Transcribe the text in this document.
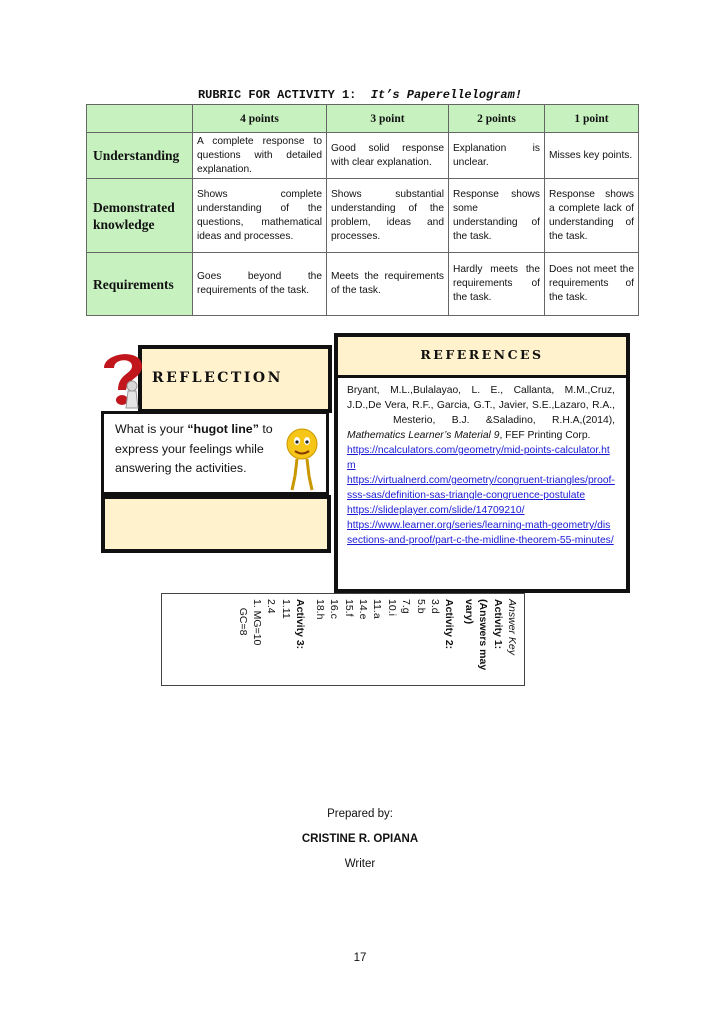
RUBRIC FOR ACTIVITY 1: It’s Paperellelogram!
	4 points	3 point	2 points	1 point
Understanding	A complete response to questions with detailed explanation.	Good solid response with clear explanation.	Explanation is unclear.	Misses key points.
Demonstrated knowledge	Shows complete understanding of the questions, mathematical ideas and processes.	Shows substantial understanding of the problem, ideas and processes.	Response shows some understanding of the task.	Response shows a complete lack of understanding of the task.
Requirements	Goes beyond the requirements of the task.	Meets the requirements of the task.	Hardly meets the requirements of the task.	Does not meet the requirements of the task.
REFLECTION
What is your “hugot line” to express your feelings while answering the activities.
REFERENCES
Bryant, M.L.,Bulalayao, L. E., Callanta, M.M.,Cruz,
J.D.,De Vera, R.F., Garcia, G.T., Javier, S.E.,Lazaro, R.A.,
Mesterio, B.J. &Saladino, R.H.A,(2014),
Mathematics Learner’s Material 9, FEF Printing Corp.
https://ncalculators.com/geometry/mid-points-calculator.htm
https://virtualnerd.com/geometry/congruent-triangles/proof-sss-sas/definition-sas-triangle-congruence-postulate
https://slideplayer.com/slide/14709210/
https://www.learner.org/series/learning-math-geometry/dissections-and-proof/part-c-the-midline-theorem-55-minutes/
Answer Key
Activity 1:
(Answers may
vary)
Activity 2:
3.d
5.b
7.g
10.i
11.a
14.e
15.f
16.c
18.h
Activity 3:
1.11
2.4
1. MG=10
GC=8
Prepared by:
CRISTINE R. OPIANA
Writer
17
